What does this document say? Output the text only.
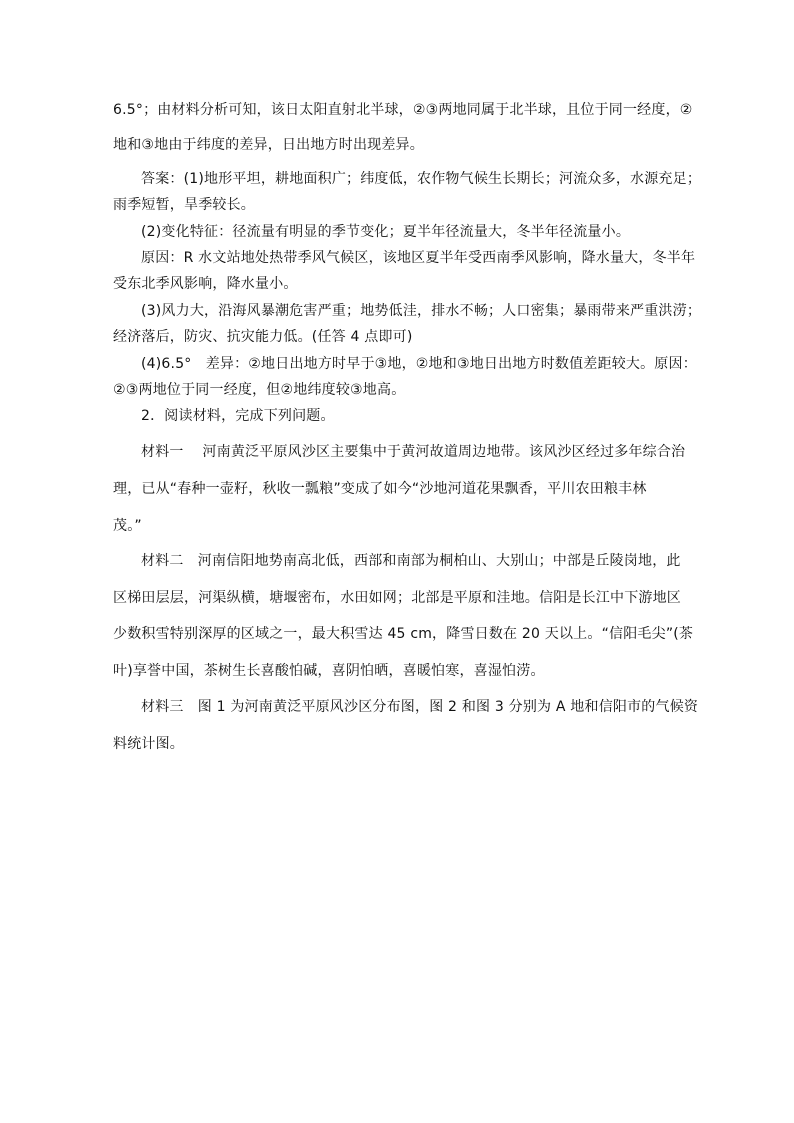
6.5°；由材料分析可知，该日太阳直射北半球，②③两地同属于北半球，且位于同一经度，②
地和③地由于纬度的差异，日出地方时出现差异。
答案：(1)地形平坦，耕地面积广；纬度低，农作物气候生长期长；河流众多，水源充足；
雨季短暂，旱季较长。
(2)变化特征：径流量有明显的季节变化；夏半年径流量大，冬半年径流量小。
原因：R 水文站地处热带季风气候区，该地区夏半年受西南季风影响，降水量大，冬半年
受东北季风影响，降水量小。
(3)风力大，沿海风暴潮危害严重；地势低洼，排水不畅；人口密集；暴雨带来严重洪涝；
经济落后，防灾、抗灾能力低。(任答 4 点即可)
(4)6.5°　差异：②地日出地方时早于③地，②地和③地日出地方时数值差距较大。原因：
②③两地位于同一经度，但②地纬度较③地高。
2．阅读材料，完成下列问题。
材料一　 河南黄泛平原风沙区主要集中于黄河故道周边地带。该风沙区经过多年综合治
理，已从“春种一壶籽，秋收一瓢粮”变成了如今“沙地河道花果飘香，平川农田粮丰林
茂。”
材料二　河南信阳地势南高北低，西部和南部为桐柏山、大别山；中部是丘陵岗地，此
区梯田层层，河渠纵横，塘堰密布，水田如网；北部是平原和洼地。信阳是长江中下游地区
少数积雪特别深厚的区域之一，最大积雪达 45 cm，降雪日数在 20 天以上。“信阳毛尖”(茶
叶)享誉中国，茶树生长喜酸怕碱，喜阴怕晒，喜暖怕寒，喜湿怕涝。
材料三　图 1 为河南黄泛平原风沙区分布图，图 2 和图 3 分别为 A 地和信阳市的气候资
料统计图。
